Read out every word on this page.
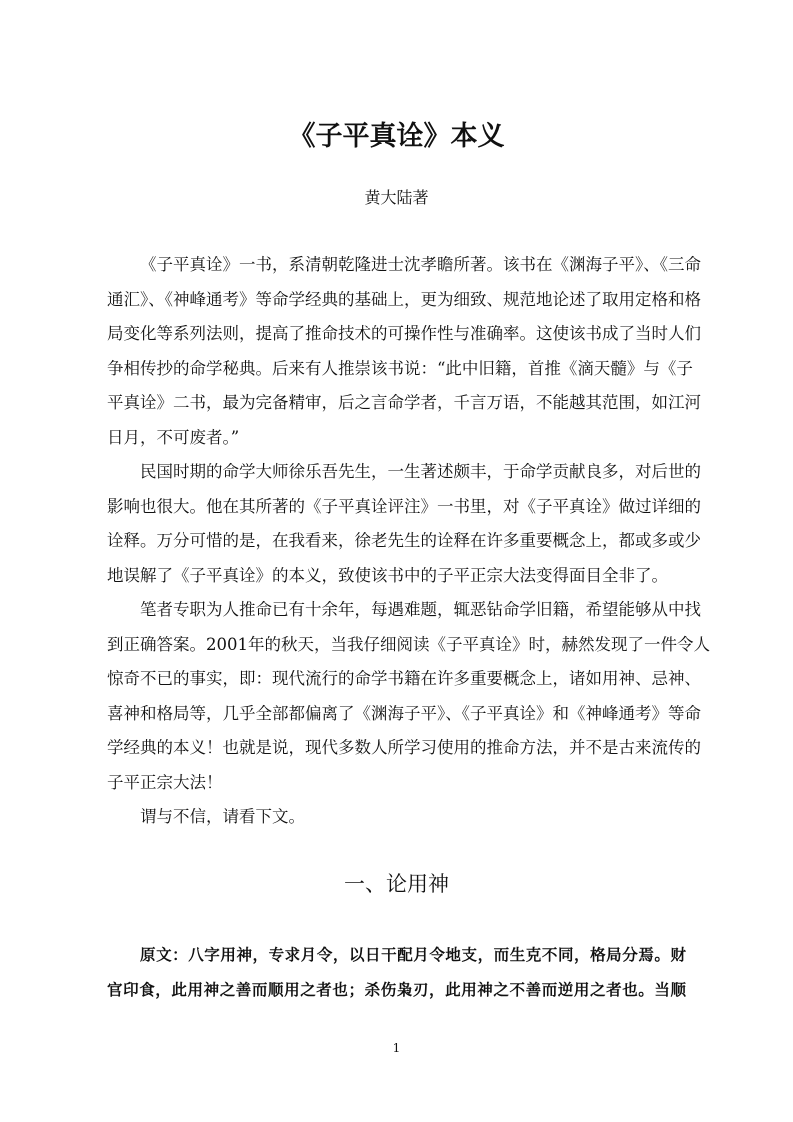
《子平真诠》本义
黄大陆著
《子平真诠》一书，系清朝乾隆进士沈孝瞻所著。该书在《渊海子平》、《三命
通汇》、《神峰通考》等命学经典的基础上，更为细致、规范地论述了取用定格和格
局变化等系列法则，提高了推命技术的可操作性与准确率。这使该书成了当时人们
争相传抄的命学秘典。后来有人推崇该书说：“此中旧籍，首推《滴天髓》与《子
平真诠》二书，最为完备精审，后之言命学者，千言万语，不能越其范围，如江河
日月，不可废者。”
民国时期的命学大师徐乐吾先生，一生著述颇丰，于命学贡献良多，对后世的
影响也很大。他在其所著的《子平真诠评注》一书里，对《子平真诠》做过详细的
诠释。万分可惜的是，在我看来，徐老先生的诠释在许多重要概念上，都或多或少
地误解了《子平真诠》的本义，致使该书中的子平正宗大法变得面目全非了。
笔者专职为人推命已有十余年，每遇难题，辄恶钻命学旧籍，希望能够从中找
到正确答案。2001年的秋天，当我仔细阅读《子平真诠》时，赫然发现了一件令人
惊奇不已的事实，即：现代流行的命学书籍在许多重要概念上，诸如用神、忌神、
喜神和格局等，几乎全部都偏离了《渊海子平》、《子平真诠》和《神峰通考》等命
学经典的本义！也就是说，现代多数人所学习使用的推命方法，并不是古来流传的
子平正宗大法！
谓与不信，请看下文。
一、论用神
原文：八字用神，专求月令，以日干配月令地支，而生克不同，格局分焉。财
官印食，此用神之善而顺用之者也；杀伤枭刃，此用神之不善而逆用之者也。当顺
1
